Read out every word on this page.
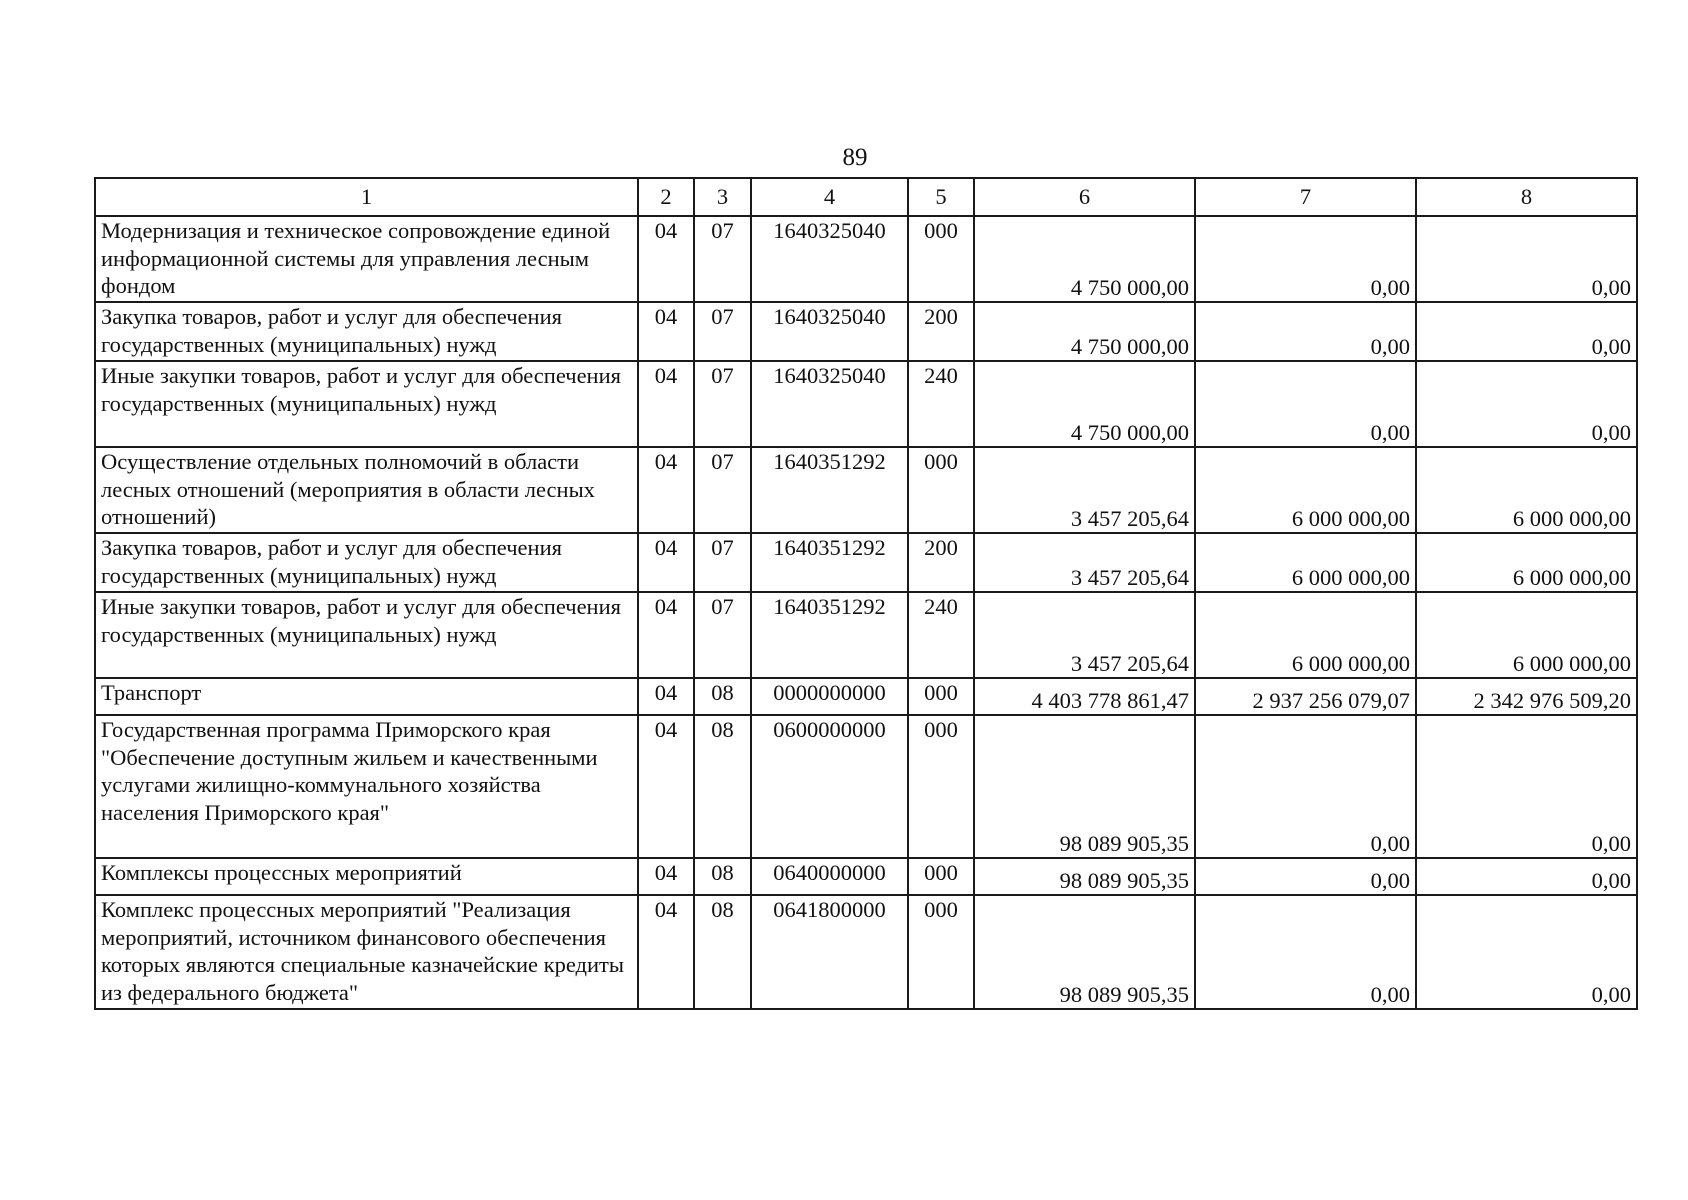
89
1	2	3	4	5	6	7	8
Модернизация и техническое сопровождение единой информационной системы для управления лесным фондом	04	07	1640325040	000	4 750 000,00	0,00	0,00
Закупка товаров, работ и услуг для обеспечения государственных (муниципальных) нужд	04	07	1640325040	200	4 750 000,00	0,00	0,00
Иные закупки товаров, работ и услуг для обеспечения государственных (муниципальных) нужд	04	07	1640325040	240	4 750 000,00	0,00	0,00
Осуществление отдельных полномочий в области лесных отношений (мероприятия в области лесных отношений)	04	07	1640351292	000	3 457 205,64	6 000 000,00	6 000 000,00
Закупка товаров, работ и услуг для обеспечения государственных (муниципальных) нужд	04	07	1640351292	200	3 457 205,64	6 000 000,00	6 000 000,00
Иные закупки товаров, работ и услуг для обеспечения государственных (муниципальных) нужд	04	07	1640351292	240	3 457 205,64	6 000 000,00	6 000 000,00
Транспорт	04	08	0000000000	000	4 403 778 861,47	2 937 256 079,07	2 342 976 509,20
Государственная программа Приморского края "Обеспечение доступным жильем и качественными услугами жилищно-коммунального хозяйства населения Приморского края"	04	08	0600000000	000	98 089 905,35	0,00	0,00
Комплексы процессных мероприятий	04	08	0640000000	000	98 089 905,35	0,00	0,00
Комплекс процессных мероприятий "Реализация мероприятий, источником финансового обеспечения которых являются специальные казначейские кредиты из федерального бюджета"	04	08	0641800000	000	98 089 905,35	0,00	0,00
